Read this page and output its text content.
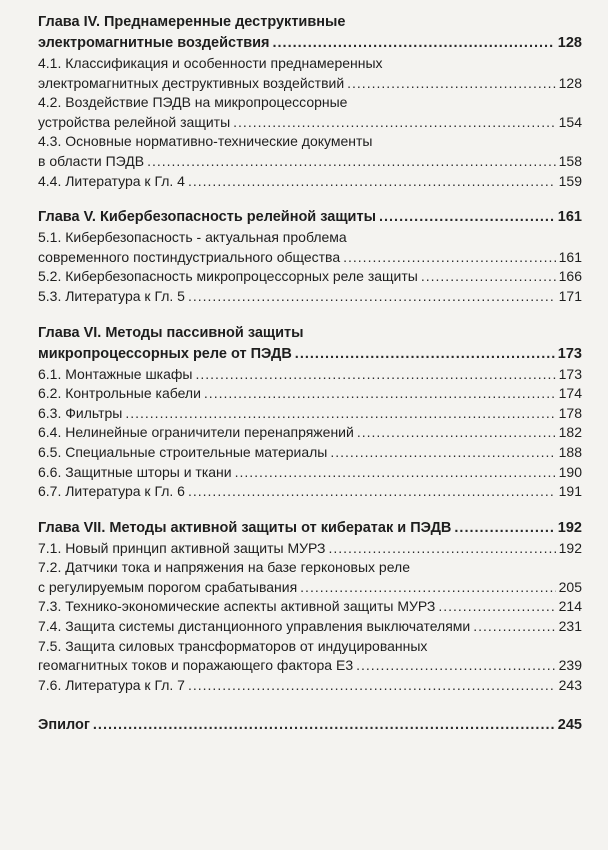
Глава IV. Преднамеренные деструктивные
электромагнитные воздействия .....	128
4.1. Классификация и особенности преднамеренных
электромагнитных деструктивных воздействий .....	128
4.2. Воздействие ПЭДВ на микропроцессорные
устройства релейной защиты .....	154
4.3. Основные нормативно-технические документы
в области ПЭДВ .....	158
4.4. Литература к Гл. 4 .....	159
Глава V. Кибербезопасность релейной защиты .....	161
5.1. Кибербезопасность - актуальная проблема
современного постиндустриального общества .....	161
5.2. Кибербезопасность микропроцессорных реле защиты .....	166
5.3. Литература к Гл. 5 .....	171
Глава VI. Методы пассивной защиты
микропроцессорных реле от ПЭДВ .....	173
6.1. Монтажные шкафы .....	173
6.2. Контрольные кабели .....	174
6.3. Фильтры .....	178
6.4. Нелинейные ограничители перенапряжений .....	182
6.5. Специальные строительные материалы .....	188
6.6. Защитные шторы и ткани .....	190
6.7. Литература к Гл. 6 .....	191
Глава VII. Методы активной защиты от кибератак и ПЭДВ .....	192
7.1. Новый принцип активной защиты МУРЗ .....	192
7.2. Датчики тока и напряжения на базе герконовых реле
с регулируемым порогом срабатывания .....	205
7.3. Технико-экономические аспекты активной защиты МУРЗ .....	214
7.4. Защита системы дистанционного управления выключателями .....	231
7.5. Защита силовых трансформаторов от индуцированных
геомагнитных токов и поражающего фактора Е3 .....	239
7.6. Литература к Гл. 7 .....	243
Эпилог .....	245
